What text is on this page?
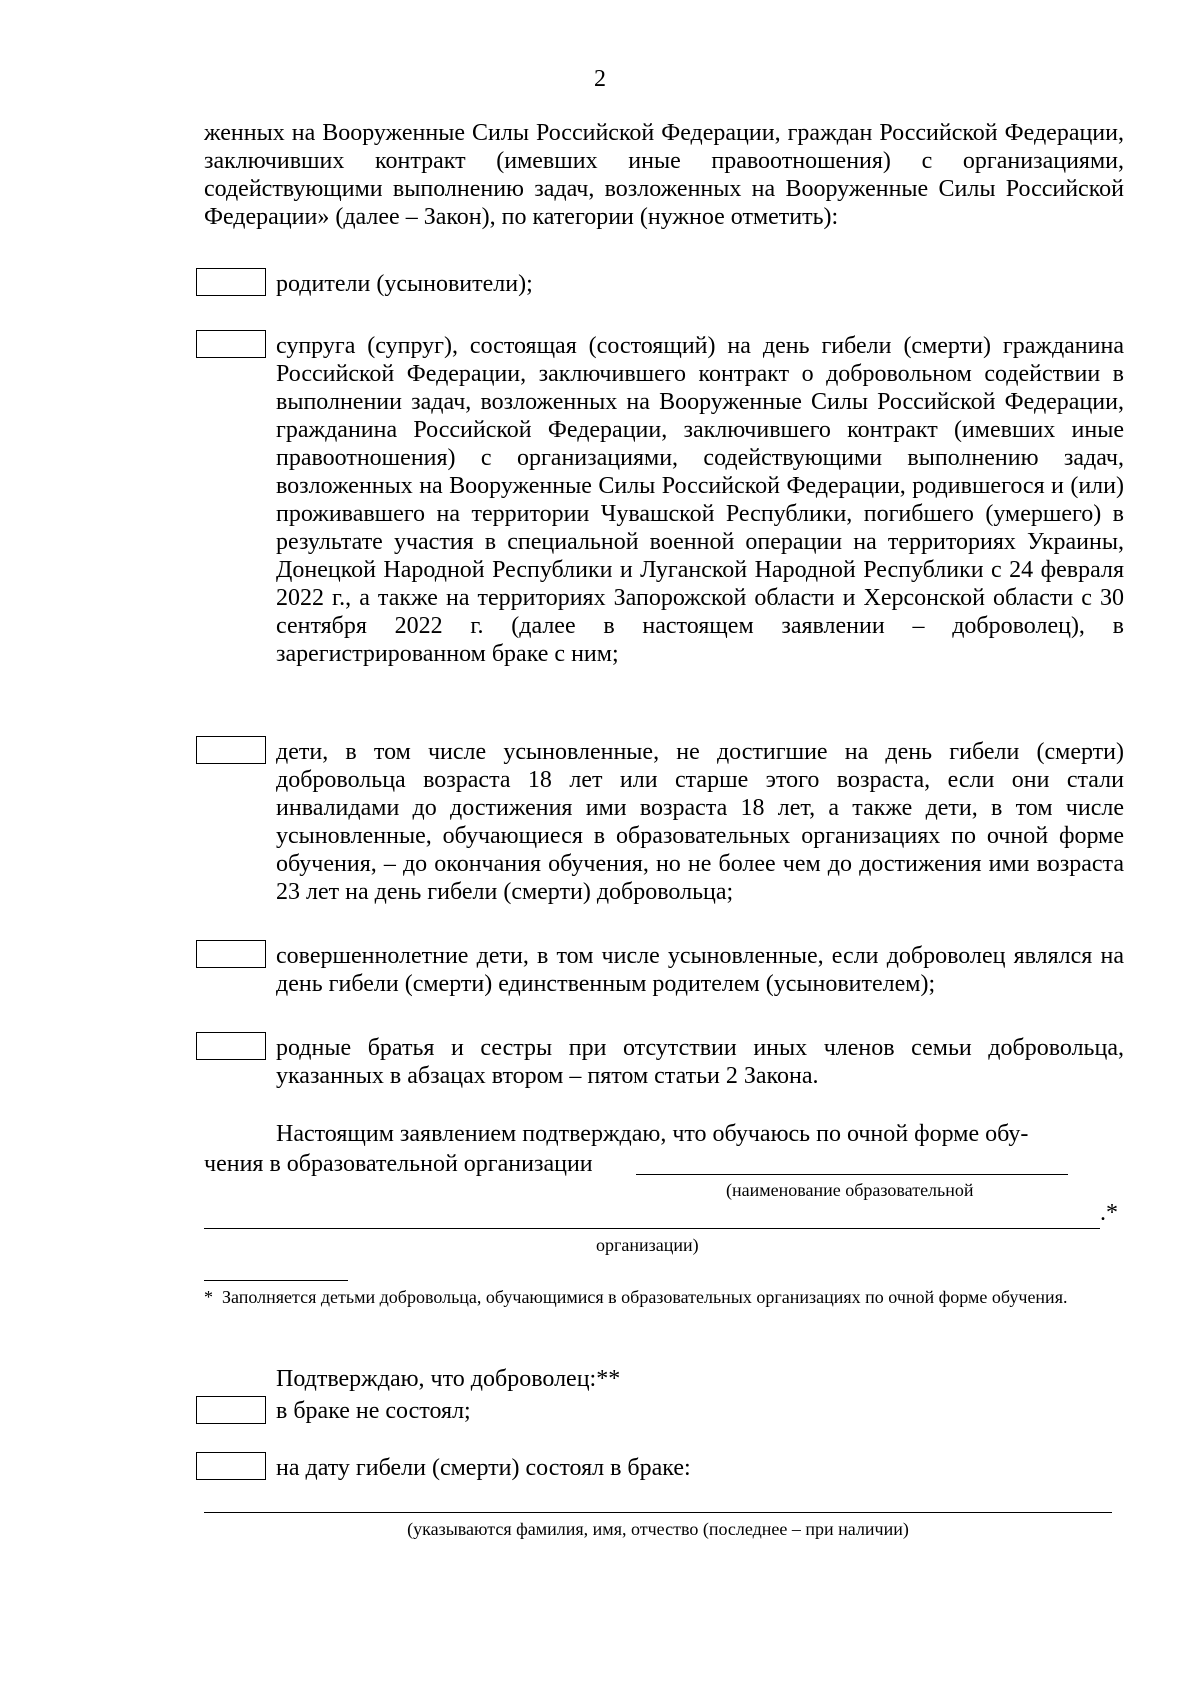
2
женных на Вооруженные Силы Российской Федерации, граждан Российской Федерации, заключивших контракт (имевших иные правоотношения) с организациями, содействующими выполнению задач, возложенных на Вооруженные Силы Российской Федерации» (далее – Закон), по категории (нужное отметить):
родители (усыновители);
супруга (супруг), состоящая (состоящий) на день гибели (смерти) гражданина Российской Федерации, заключившего контракт о добровольном содействии в выполнении задач, возложенных на Вооруженные Силы Российской Федерации, гражданина Российской Федерации, заключившего контракт (имевших иные правоотношения) с организациями, содействующими выполнению задач, возложенных на Вооруженные Силы Российской Федерации, родившегося и (или) проживавшего на территории Чувашской Республики, погибшего (умершего) в результате участия в специальной военной операции на территориях Украины, Донецкой Народной Республики и Луганской Народной Республики с 24 февраля 2022 г., а также на территориях Запорожской области и Херсонской области с 30 сентября 2022 г. (далее в настоящем заявлении – доброволец), в зарегистрированном браке с ним;
дети, в том числе усыновленные, не достигшие на день гибели (смерти) добровольца возраста 18 лет или старше этого возраста, если они стали инвалидами до достижения ими возраста 18 лет, а также дети, в том числе усыновленные, обучающиеся в образовательных организациях по очной форме обучения, – до окончания обучения, но не более чем до достижения ими возраста 23 лет на день гибели (смерти) добровольца;
совершеннолетние дети, в том числе усыновленные, если доброволец являлся на день гибели (смерти) единственным родителем (усыновителем);
родные братья и сестры при отсутствии иных членов семьи добровольца, указанных в абзацах втором – пятом статьи 2 Закона.
Настоящим заявлением подтверждаю, что обучаюсь по очной форме обу-
чения в образовательной организации
(наименование образовательной
.*
организации)
* Заполняется детьми добровольца, обучающимися в образовательных организациях по очной форме обучения.
Подтверждаю, что доброволец:**
в браке не состоял;
на дату гибели (смерти) состоял в браке:
(указываются фамилия, имя, отчество (последнее – при наличии)
